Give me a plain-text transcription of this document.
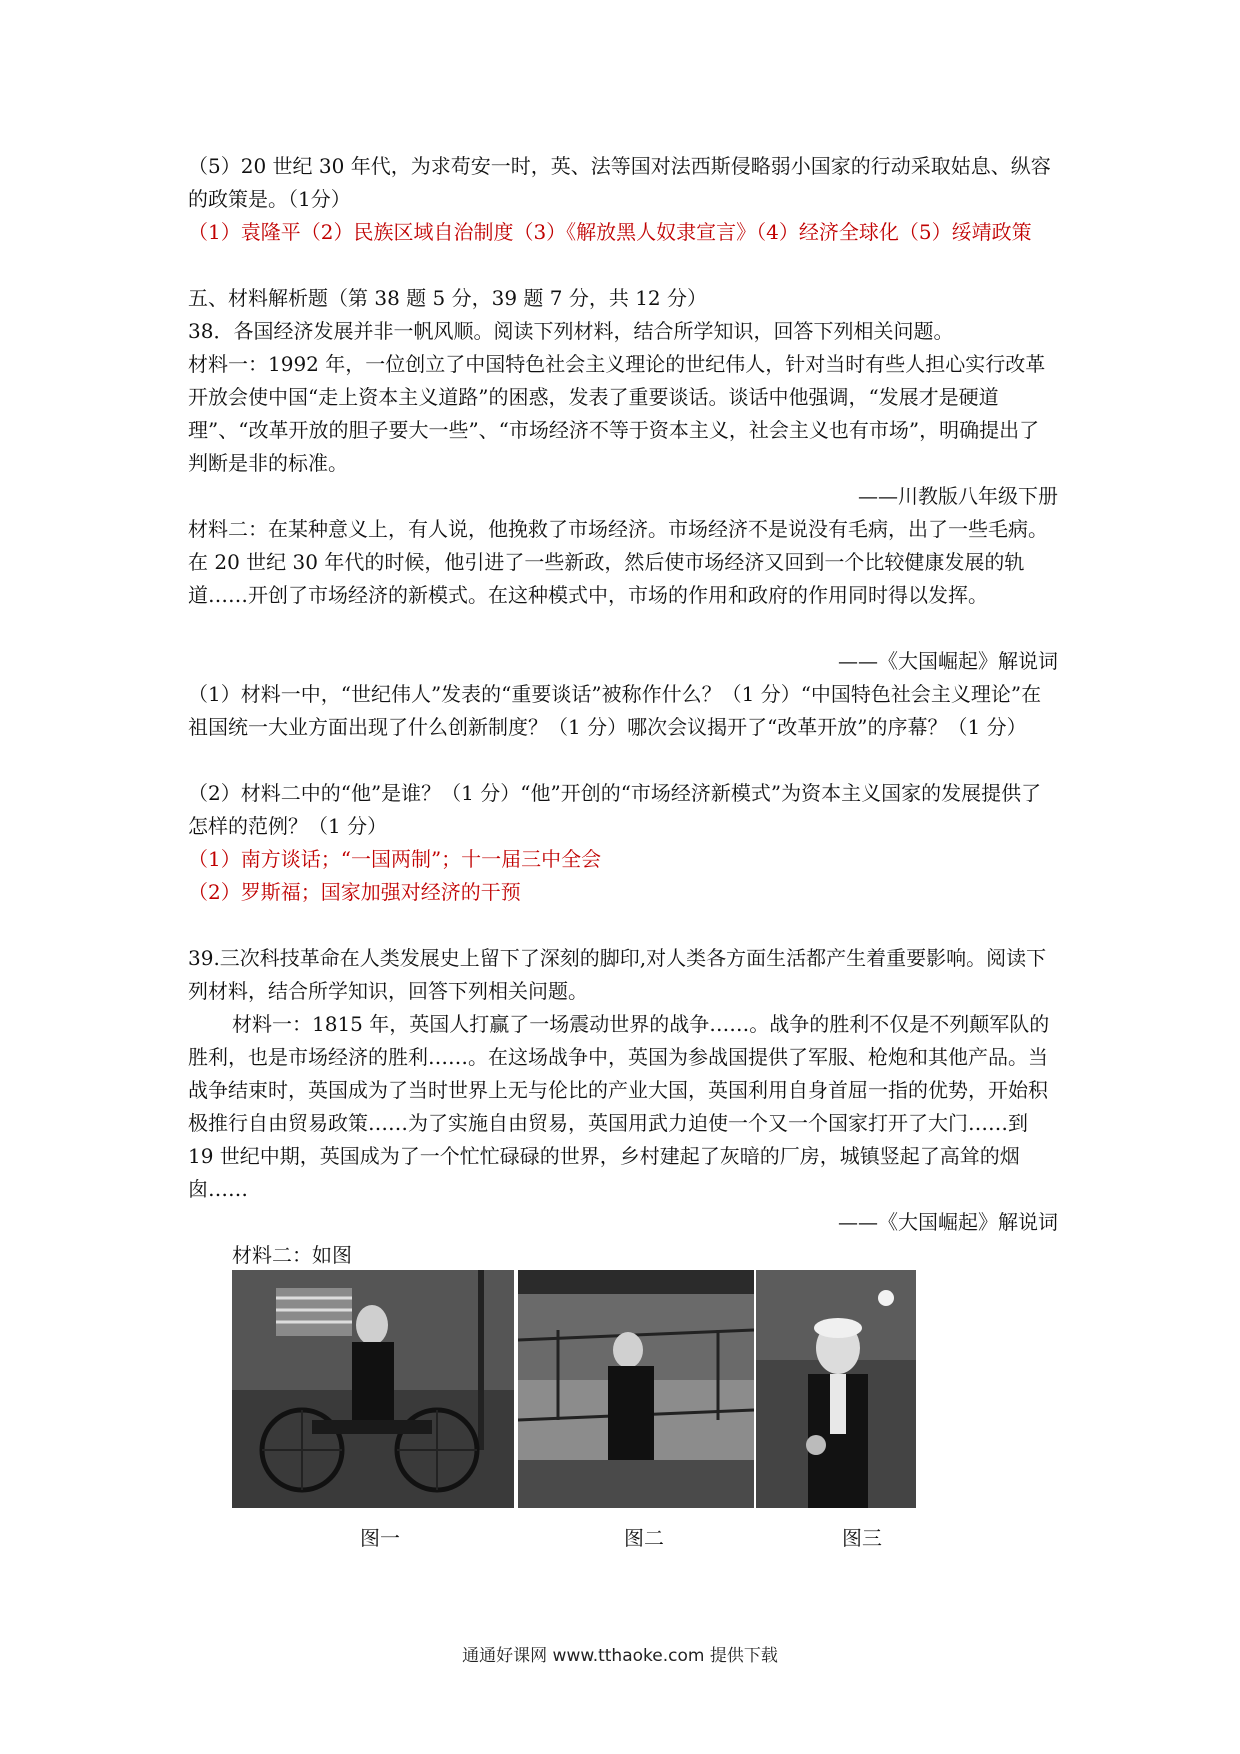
（5）20 世纪 30 年代，为求苟安一时，英、法等国对法西斯侵略弱小国家的行动采取姑息、纵容的政策是。（1分）

（1）袁隆平（2）民族区域自治制度（3）《解放黑人奴隶宣言》（4）经济全球化（5）绥靖政策

五、材料解析题（第 38 题 5 分，39 题 7 分，共 12 分）

38．各国经济发展并非一帆风顺。阅读下列材料，结合所学知识，回答下列相关问题。

材料一：1992 年，一位创立了中国特色社会主义理论的世纪伟人，针对当时有些人担心实行改革开放会使中国“走上资本主义道路”的困惑，发表了重要谈话。谈话中他强调，“发展才是硬道理”、“改革开放的胆子要大一些”、“市场经济不等于资本主义，社会主义也有市场”，明确提出了判断是非的标准。

——川教版八年级下册

材料二：在某种意义上，有人说，他挽救了市场经济。市场经济不是说没有毛病，出了一些毛病。在 20 世纪 30 年代的时候，他引进了一些新政，然后使市场经济又回到一个比较健康发展的轨道……开创了市场经济的新模式。在这种模式中，市场的作用和政府的作用同时得以发挥。

——《大国崛起》解说词

（1）材料一中，“世纪伟人”发表的“重要谈话”被称作什么？（1 分）“中国特色社会主义理论”在祖国统一大业方面出现了什么创新制度？（1 分）哪次会议揭开了“改革开放”的序幕？（1 分）

（2）材料二中的“他”是谁？（1 分）“他”开创的“市场经济新模式”为资本主义国家的发展提供了怎样的范例？（1 分）

（1）南方谈话；“一国两制”；十一届三中全会

（2）罗斯福；国家加强对经济的干预

39.三次科技革命在人类发展史上留下了深刻的脚印,对人类各方面生活都产生着重要影响。阅读下列材料，结合所学知识，回答下列相关问题。

材料一：1815 年，英国人打赢了一场震动世界的战争……。战争的胜利不仅是不列颠军队的胜利，也是市场经济的胜利……。在这场战争中，英国为参战国提供了军服、枪炮和其他产品。当战争结束时，英国成为了当时世界上无与伦比的产业大国，英国利用自身首屈一指的优势，开始积极推行自由贸易政策……为了实施自由贸易，英国用武力迫使一个又一个国家打开了大门……到 19 世纪中期，英国成为了一个忙忙碌碌的世界，乡村建起了灰暗的厂房，城镇竖起了高耸的烟囱……

——《大国崛起》解说词

材料二：如图

图一	图二	图三
通通好课网 www.tthaoke.com 提供下载
